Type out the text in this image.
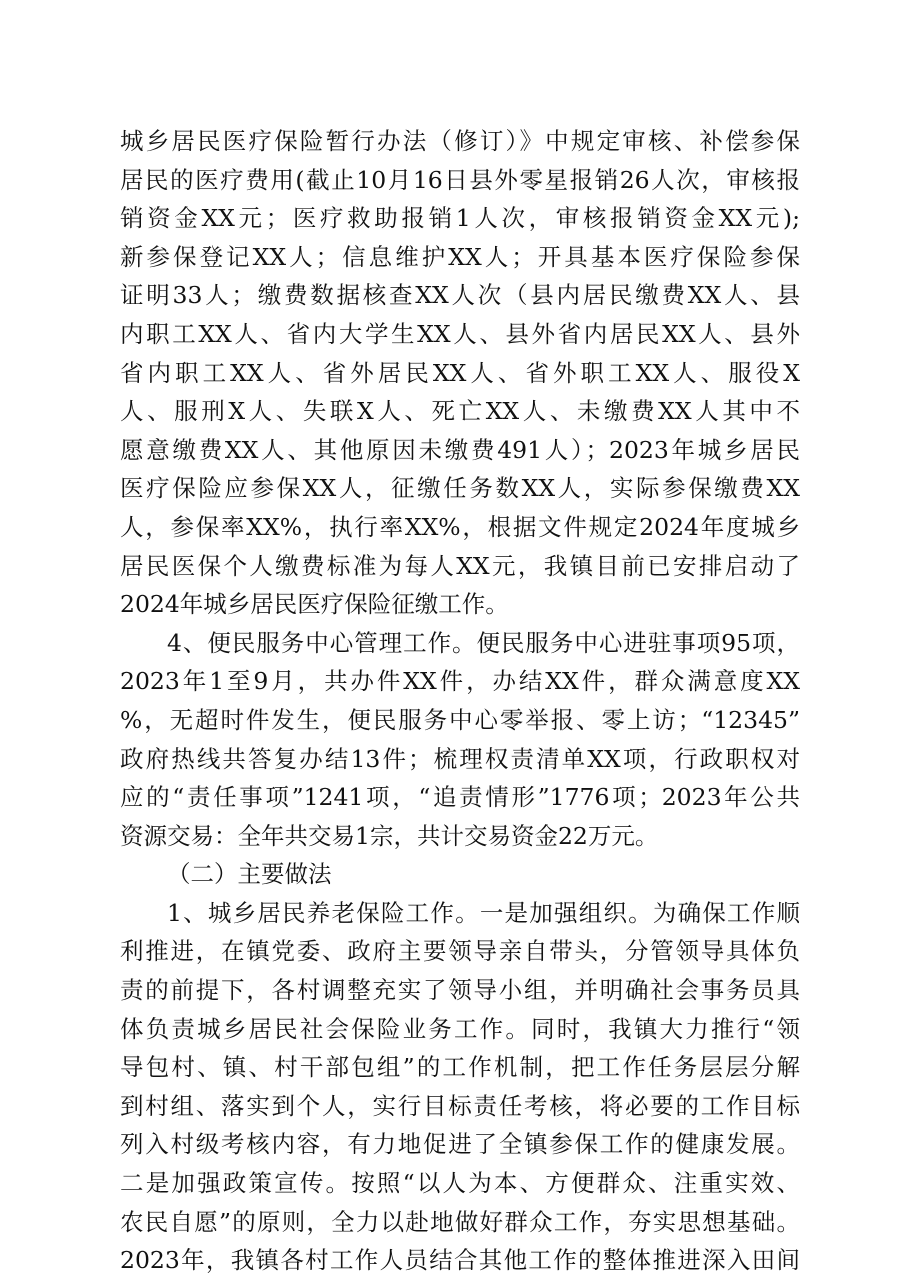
城乡居民医疗保险暂行办法（修订）》中规定审核、补偿参保
居民的医疗费用(截止10月16日县外零星报销26人次，审核报
销资金XX元；医疗救助报销1人次，审核报销资金XX元);
新参保登记XX人；信息维护XX人；开具基本医疗保险参保
证明33人；缴费数据核查XX人次（县内居民缴费XX人、县
内职工XX人、省内大学生XX人、县外省内居民XX人、县外
省内职工XX人、省外居民XX人、省外职工XX人、服役X
人、服刑X人、失联X人、死亡XX人、未缴费XX人其中不
愿意缴费XX人、其他原因未缴费491人）；2023年城乡居民
医疗保险应参保XX人，征缴任务数XX人，实际参保缴费XX
人，参保率XX%，执行率XX%，根据文件规定2024年度城乡
居民医保个人缴费标准为每人XX元，我镇目前已安排启动了
2024年城乡居民医疗保险征缴工作。
4、便民服务中心管理工作。便民服务中心进驻事项95项，
2023年1至9月，共办件XX件，办结XX件，群众满意度XX
%，无超时件发生，便民服务中心零举报、零上访；“12345”
政府热线共答复办结13件；梳理权责清单XX项，行政职权对
应的“责任事项”1241项，“追责情形”1776项；2023年公共
资源交易：全年共交易1宗，共计交易资金22万元。
（二）主要做法
1、城乡居民养老保险工作。一是加强组织。为确保工作顺
利推进，在镇党委、政府主要领导亲自带头，分管领导具体负
责的前提下，各村调整充实了领导小组，并明确社会事务员具
体负责城乡居民社会保险业务工作。同时，我镇大力推行“领
导包村、镇、村干部包组”的工作机制，把工作任务层层分解
到村组、落实到个人，实行目标责任考核，将必要的工作目标
列入村级考核内容，有力地促进了全镇参保工作的健康发展。
二是加强政策宣传。按照“以人为本、方便群众、注重实效、
农民自愿”的原则，全力以赴地做好群众工作，夯实思想基础。
2023年，我镇各村工作人员结合其他工作的整体推进深入田间
